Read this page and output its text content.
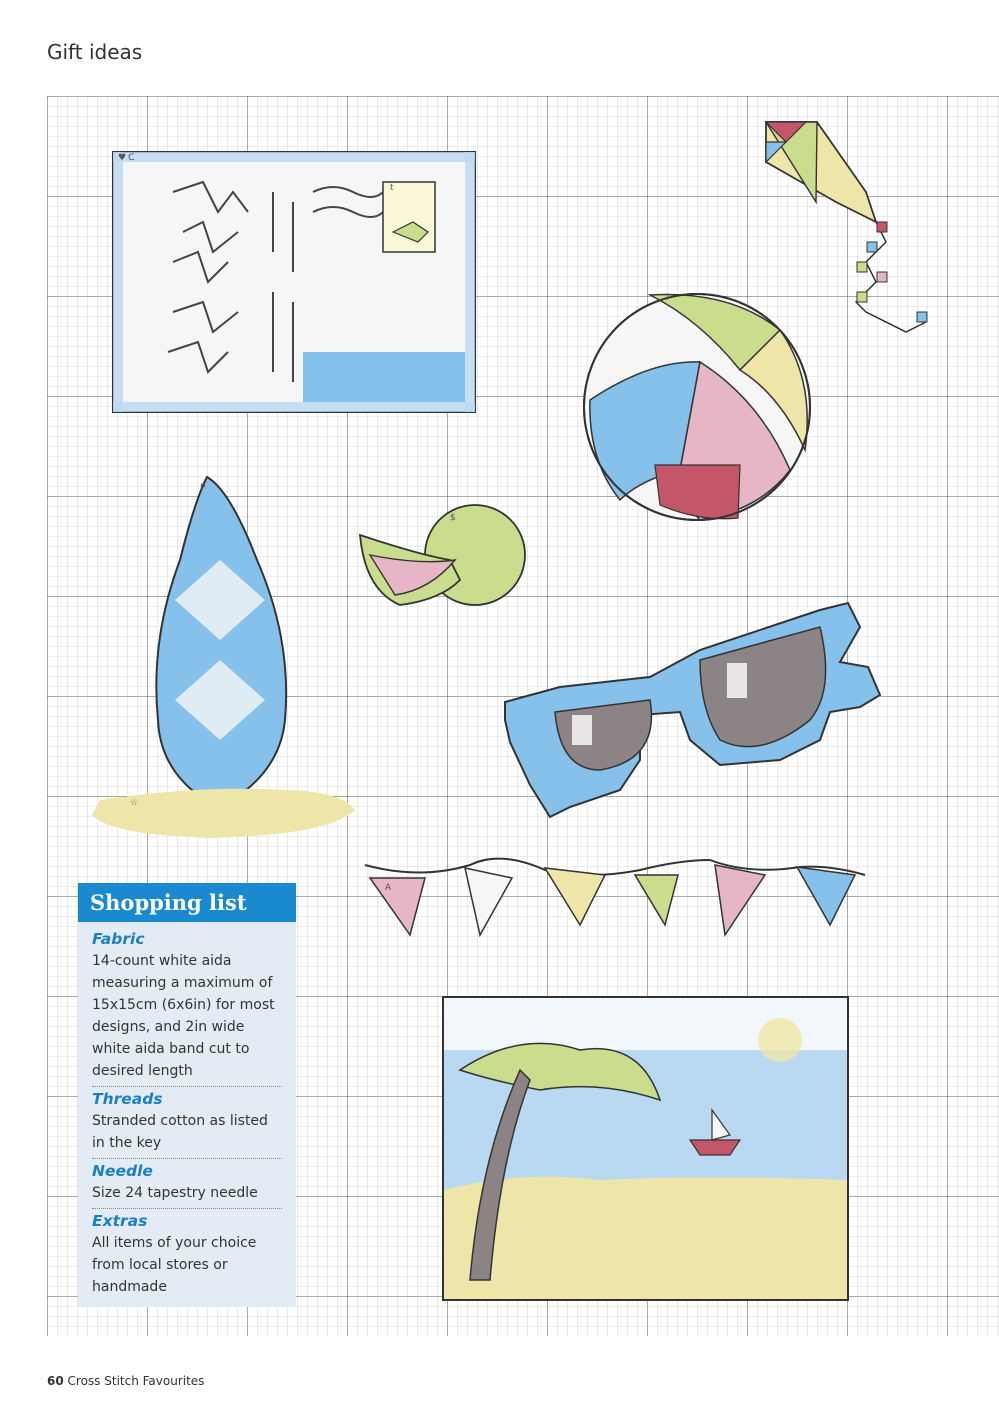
Gift ideas
♥ ᑕ
t
P
?
$
☆
A
Shopping list
Fabric
14-count white aida measuring a maximum of 15x15cm (6x6in) for most designs, and 2in wide white aida band cut to desired length
Threads
Stranded cotton as listed in the key
Needle
Size 24 tapestry needle
Extras
All items of your choice from local stores or handmade
60 Cross Stitch Favourites
